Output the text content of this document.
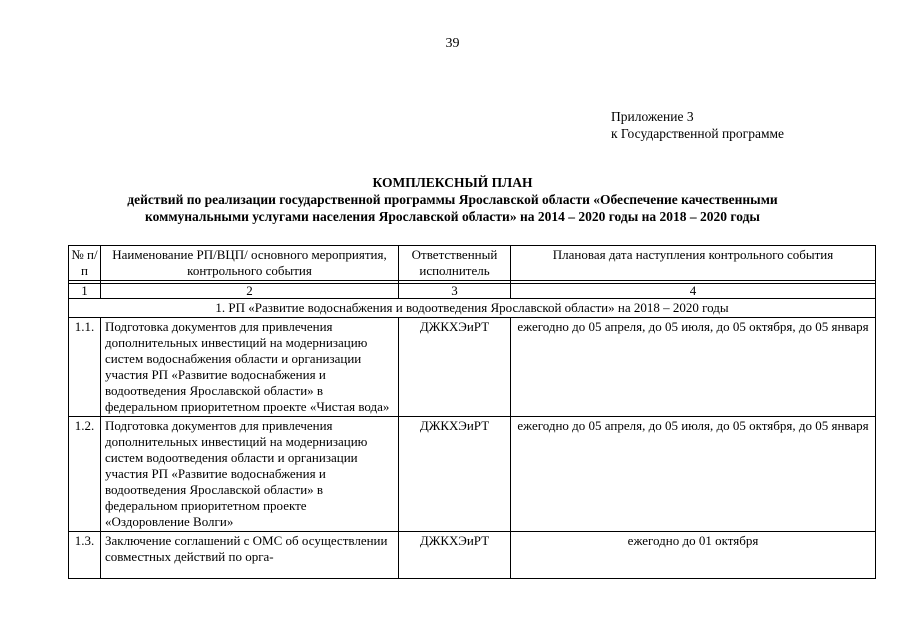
39
Приложение 3
к Государственной программе
КОМПЛЕКСНЫЙ ПЛАН
действий по реализации государственной программы Ярославской области «Обеспечение качественными
коммунальными услугами населения Ярославской области» на 2014 – 2020 годы на 2018 – 2020 годы
№ п/п	Наименование РП/ВЦП/ основного мероприятия, контрольного события	Ответственный исполнитель	Плановая дата наступления контрольного события

1	2	3	4
1. РП «Развитие водоснабжения и водоотведения Ярославской области» на 2018 – 2020 годы			
1.1.	Подготовка документов для привлечения дополнительных инвестиций на модернизацию систем водоснабжения области и организации участия РП «Развитие водоснабжения и водоотведения Ярославской области» в федеральном приоритетном проекте «Чистая вода»	ДЖКХЭиРТ	ежегодно до 05 апреля, до 05 июля, до 05 октября, до 05 января
1.2.	Подготовка документов для привлечения дополнительных инвестиций на модернизацию систем водоотведения области и организации участия РП «Развитие водоснабжения и водоотведения Ярославской области» в федеральном приоритетном проекте «Оздоровление Волги»	ДЖКХЭиРТ	ежегодно до 05 апреля, до 05 июля, до 05 октября, до 05 января
1.3.	Заключение соглашений с ОМС об осуществлении совместных действий по орга-	ДЖКХЭиРТ	ежегодно до 01 октября
